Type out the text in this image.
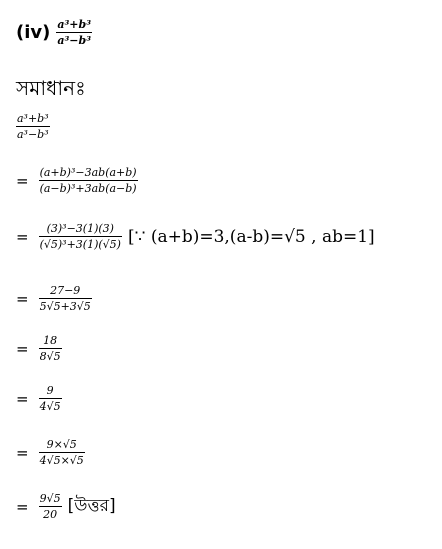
$(iv) \frac{\text{a³+b³}}{\text{a³−b³}}$
সমাধানঃ
$\frac{\text{a³+b³}}{\text{a³−b³}}$
= $\frac{\text{(a+b)³−3ab(a+b)}}{\text{(a−b)³+3ab(a−b)}}$
= $\frac{\text{(3)³−3(1)(3)}}{\text{(√5)³+3(1)(√5)}}$ [∵ (a+b)=3,(a-b)=√5 , ab=1]
= $\frac{27-9}{5√5+3√5}$
= $\frac{18}{8√5}$
= $\frac{9}{4√5}$
= $\frac{9\times√5}{4√5\times√5}$
= $\frac{9√5}{20}$ [উত্তর]
